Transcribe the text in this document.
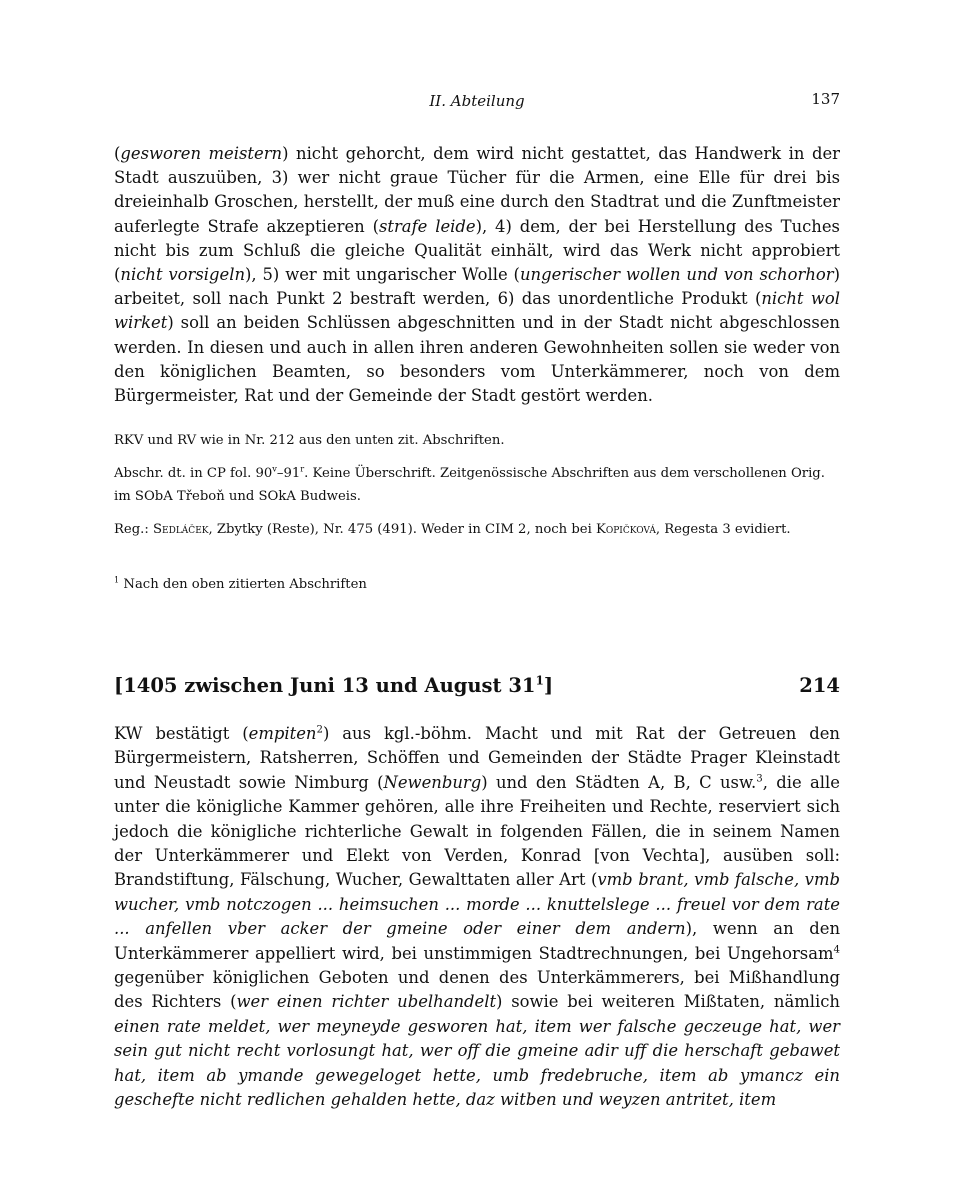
II. Abteilung	137

(gesworen meistern) nicht gehorcht, dem wird nicht gestattet, das Handwerk in der Stadt auszuüben, 3) wer nicht graue Tücher für die Armen, eine Elle für drei bis dreieinhalb Groschen, herstellt, der muß eine durch den Stadtrat und die Zunftmeister auferlegte Strafe akzeptieren (strafe leide), 4) dem, der bei Herstellung des Tuches nicht bis zum Schluß die gleiche Qualität einhält, wird das Werk nicht approbiert (nicht vorsigeln), 5) wer mit ungarischer Wolle (ungerischer wollen und von schorhor) arbeitet, soll nach Punkt 2 bestraft werden, 6) das unordentliche Produkt (nicht wol wirket) soll an beiden Schlüssen abgeschnitten und in der Stadt nicht abgeschlossen werden. In diesen und auch in allen ihren anderen Gewohnheiten sollen sie weder von den königlichen Beamten, so besonders vom Unterkämmerer, noch von dem Bürgermeister, Rat und der Gemeinde der Stadt gestört werden.

RKV und RV wie in Nr. 212 aus den unten zit. Abschriften.

Abschr. dt. in CP fol. 90$^v$–91$^r$. Keine Überschrift. Zeitgenössische Abschriften aus dem verschollenen Orig. im SObA Třeboň und SOkA Budweis.

Reg.: Sedláček, Zbytky (Reste), Nr. 475 (491). Weder in CIM 2, noch bei Kopičková, Regesta 3 evidiert.

$^1$ Nach den oben zitierten Abschriften
[1405 zwischen Juni 13 und August $31^1$]	214

KW bestätigt (empiten$^2$) aus kgl.-böhm. Macht und mit Rat der Getreuen den Bürgermeistern, Ratsherren, Schöffen und Gemeinden der Städte Prager Kleinstadt und Neustadt sowie Nimburg (Newenburg) und den Städten A, B, C usw.$^3$, die alle unter die königliche Kammer gehören, alle ihre Freiheiten und Rechte, reserviert sich jedoch die königliche richterliche Gewalt in folgenden Fällen, die in seinem Namen der Unterkämmerer und Elekt von Verden, Konrad [von Vechta], ausüben soll: Brandstiftung, Fälschung, Wucher, Gewalttaten aller Art (vmb brant, vmb falsche, vmb wucher, vmb notczogen ... heimsuchen ... morde ... knuttelslege ... freuel vor dem rate ... anfellen vber acker der gmeine oder einer dem andern), wenn an den Unterkämmerer appelliert wird, bei unstimmigen Stadtrechnungen, bei Ungehorsam$^4$ gegenüber königlichen Geboten und denen des Unterkämmerers, bei Mißhandlung des Richters (wer einen richter ubelhandelt) sowie bei weiteren Mißtaten, nämlich einen rate meldet, wer meyneyde gesworen hat, item wer falsche geczeuge hat, wer sein gut nicht recht vorlosungt hat, wer off die gmeine adir uff die herschaft gebawet hat, item ab ymande gewegeloget hette, umb fredebruche, item ab ymancz ein geschefte nicht redlichen gehalden hette, daz witben und weyzen antritet, item
